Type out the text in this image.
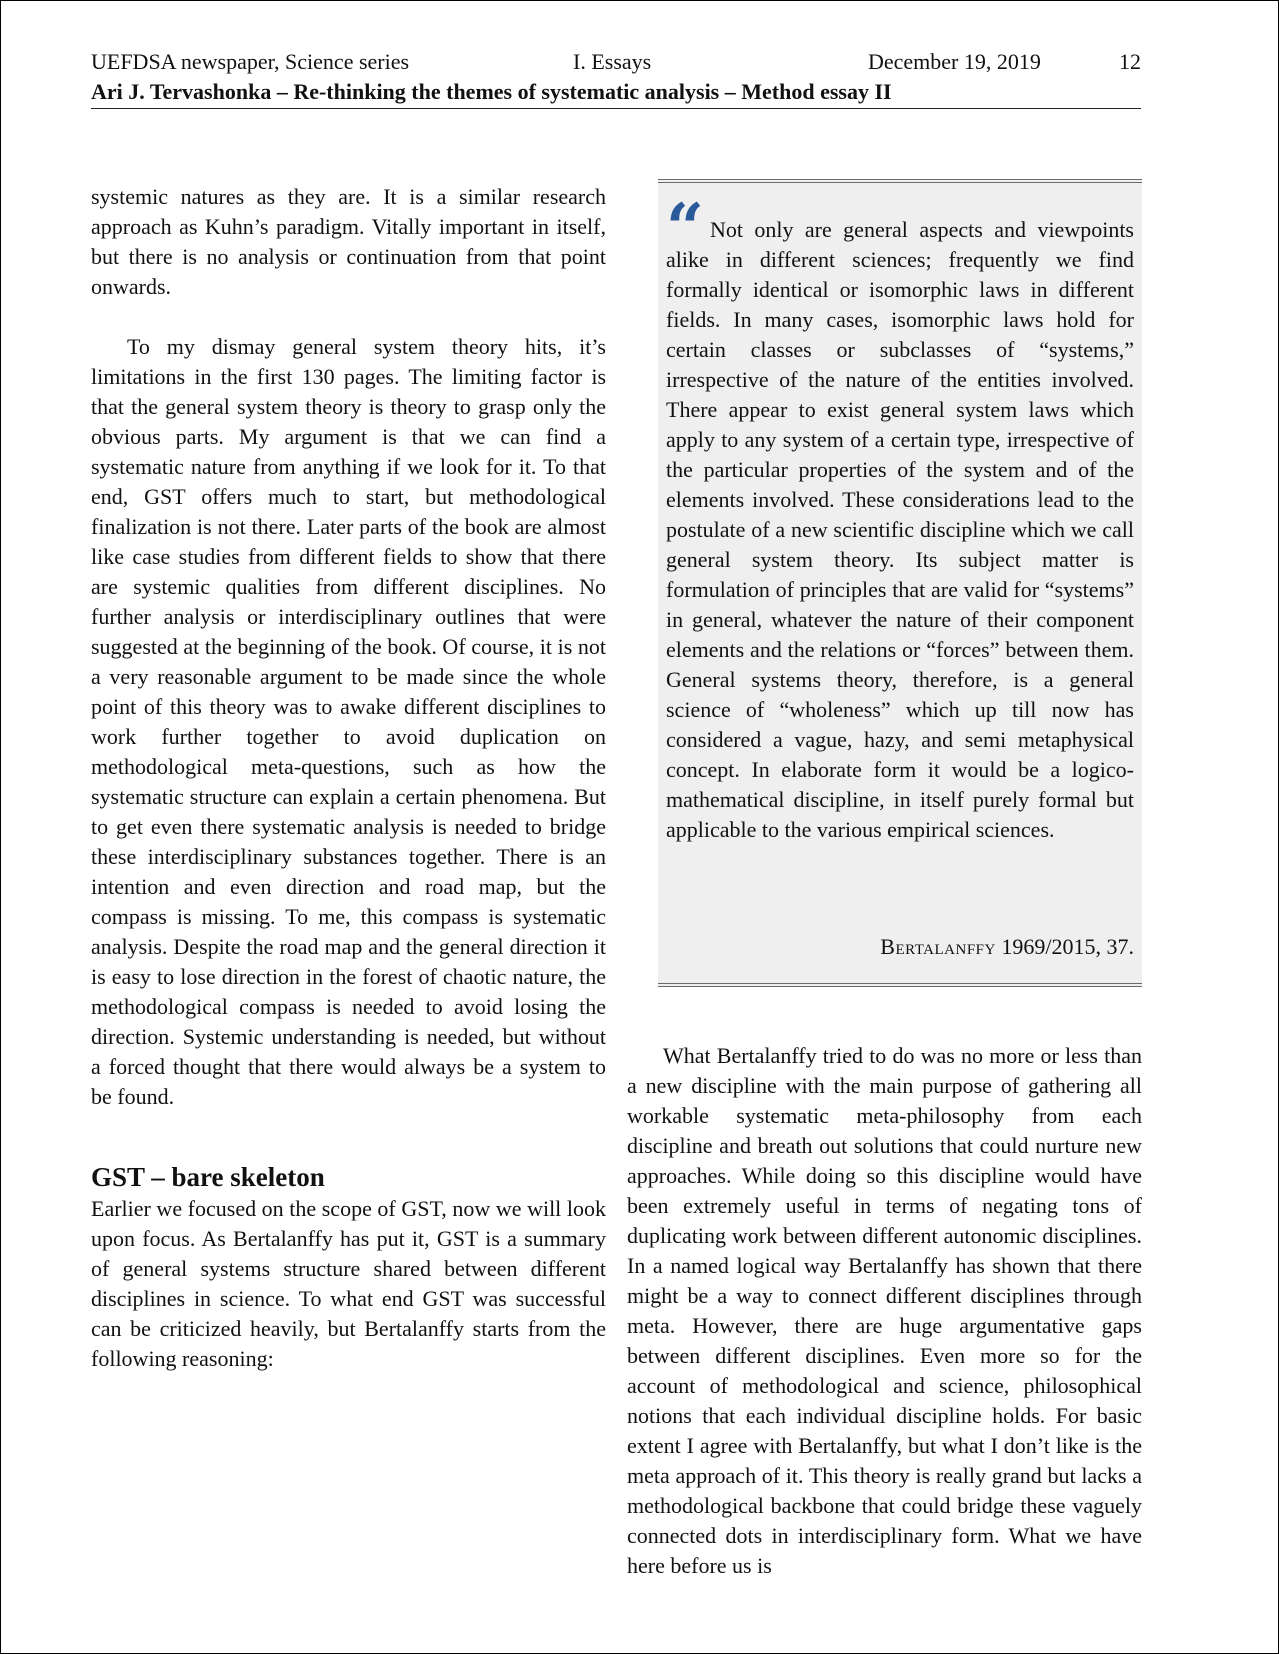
UEFDSA newspaper, Science series	I. Essays	December 19, 2019	12
Ari J. Tervashonka – Re-thinking the themes of systematic analysis – Method essay II

systemic natures as they are. It is a similar research approach as Kuhn’s paradigm. Vitally important in itself, but there is no analysis or continuation from that point onwards.

To my dismay general system theory hits, it’s limitations in the first 130 pages. The limiting factor is that the general system theory is theory to grasp only the obvious parts. My argument is that we can find a systematic nature from anything if we look for it. To that end, GST offers much to start, but methodological finalization is not there. Later parts of the book are almost like case studies from different fields to show that there are systemic qualities from different disciplines. No further analysis or interdisciplinary outlines that were suggested at the beginning of the book. Of course, it is not a very reasonable argument to be made since the whole point of this theory was to awake different disciplines to work further together to avoid duplication on methodological meta-questions, such as how the systematic structure can explain a certain phenomena. But to get even there systematic analysis is needed to bridge these interdisciplinary substances together. There is an intention and even direction and road map, but the compass is missing. To me, this compass is systematic analysis. Despite the road map and the general direction it is easy to lose direction in the forest of chaotic nature, the methodological compass is needed to avoid losing the direction. Systemic understanding is needed, but without a forced thought that there would always be a system to be found.

GST – bare skeleton

Earlier we focused on the scope of GST, now we will look upon focus. As Bertalanffy has put it, GST is a summary of general systems structure shared between different disciplines in science. To what end GST was successful can be criticized heavily, but Bertalanffy starts from the following reasoning:

“ Not only are general aspects and viewpoints alike in different sciences; frequently we find formally identical or isomorphic laws in different fields. In many cases, isomorphic laws hold for certain classes or subclasses of “systems,” irrespective of the nature of the entities involved. There appear to exist general system laws which apply to any system of a certain type, irrespective of the particular properties of the system and of the elements involved. These considerations lead to the postulate of a new scientific discipline which we call general system theory. Its subject matter is formulation of principles that are valid for “systems” in general, whatever the nature of their component elements and the relations or “forces” between them. General systems theory, therefore, is a general science of “wholeness” which up till now has considered a vague, hazy, and semi metaphysical concept. In elaborate form it would be a logico-mathematical discipline, in itself purely formal but applicable to the various empirical sciences.
Bertalanffy 1969/2015, 37.

What Bertalanffy tried to do was no more or less than a new discipline with the main purpose of gathering all workable systematic meta-philosophy from each discipline and breath out solutions that could nurture new approaches. While doing so this discipline would have been extremely useful in terms of negating tons of duplicating work between different autonomic disciplines. In a named logical way Bertalanffy has shown that there might be a way to connect different disciplines through meta. However, there are huge argumentative gaps between different disciplines. Even more so for the account of methodological and science, philosophical notions that each individual discipline holds. For basic extent I agree with Bertalanffy, but what I don’t like is the meta approach of it. This theory is really grand but lacks a methodological backbone that could bridge these vaguely connected dots in interdisciplinary form. What we have here before us is
